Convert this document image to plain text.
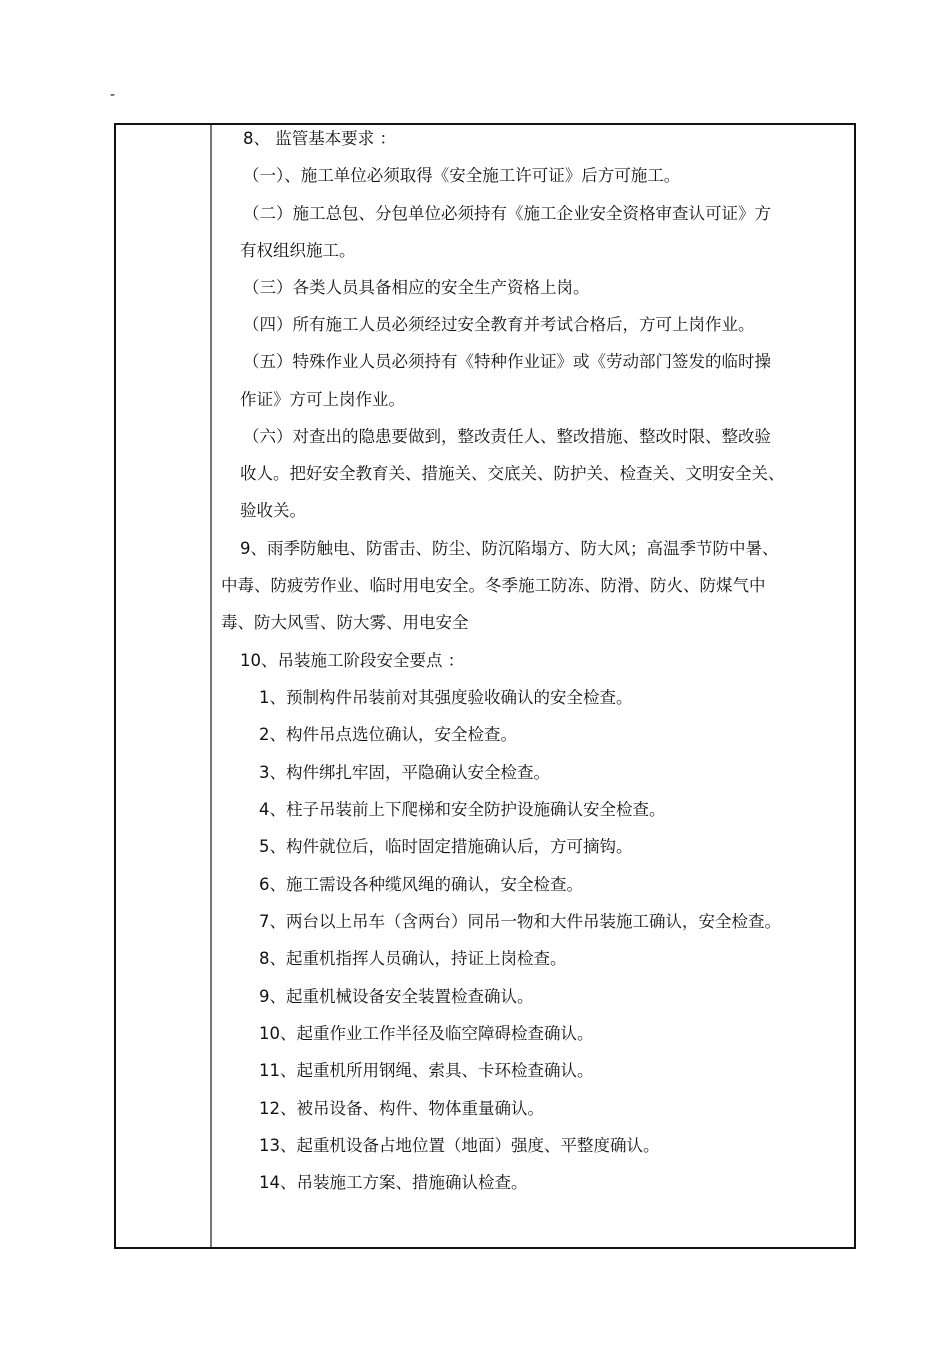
-
8、 监管基本要求 ：
（一）、施工单位必须取得《安全施工许可证》后方可施工。
（二）施工总包、分包单位必须持有《施工企业安全资格审查认可证》方
有权组织施工。
（三）各类人员具备相应的安全生产资格上岗。
（四）所有施工人员必须经过安全教育并考试合格后，方可上岗作业。
（五）特殊作业人员必须持有《特种作业证》或《劳动部门签发的临时操
作证》方可上岗作业。
（六）对查出的隐患要做到，整改责任人、整改措施、整改时限、整改验
收人。把好安全教育关、措施关、交底关、防护关、检查关、文明安全关、
验收关。
9、雨季防触电、防雷击、防尘、防沉陷塌方、防大风；高温季节防中暑、
中毒、防疲劳作业、临时用电安全。冬季施工防冻、防滑、防火、防煤气中
毒、防大风雪、防大雾、用电安全
10、吊装施工阶段安全要点 ：
1、预制构件吊装前对其强度验收确认的安全检查。
2、构件吊点选位确认，安全检查。
3、构件绑扎牢固，平隐确认安全检查。
4、柱子吊装前上下爬梯和安全防护设施确认安全检查。
5、构件就位后，临时固定措施确认后，方可摘钩。
6、施工需设各种缆风绳的确认，安全检查。
7、两台以上吊车（含两台）同吊一物和大件吊装施工确认，安全检查。
8、起重机指挥人员确认，持证上岗检查。
9、起重机械设备安全装置检查确认。
10、起重作业工作半径及临空障碍检查确认。
11、起重机所用钢绳、索具、卡环检查确认。
12、被吊设备、构件、物体重量确认。
13、起重机设备占地位置（地面）强度、平整度确认。
14、吊装施工方案、措施确认检查。
